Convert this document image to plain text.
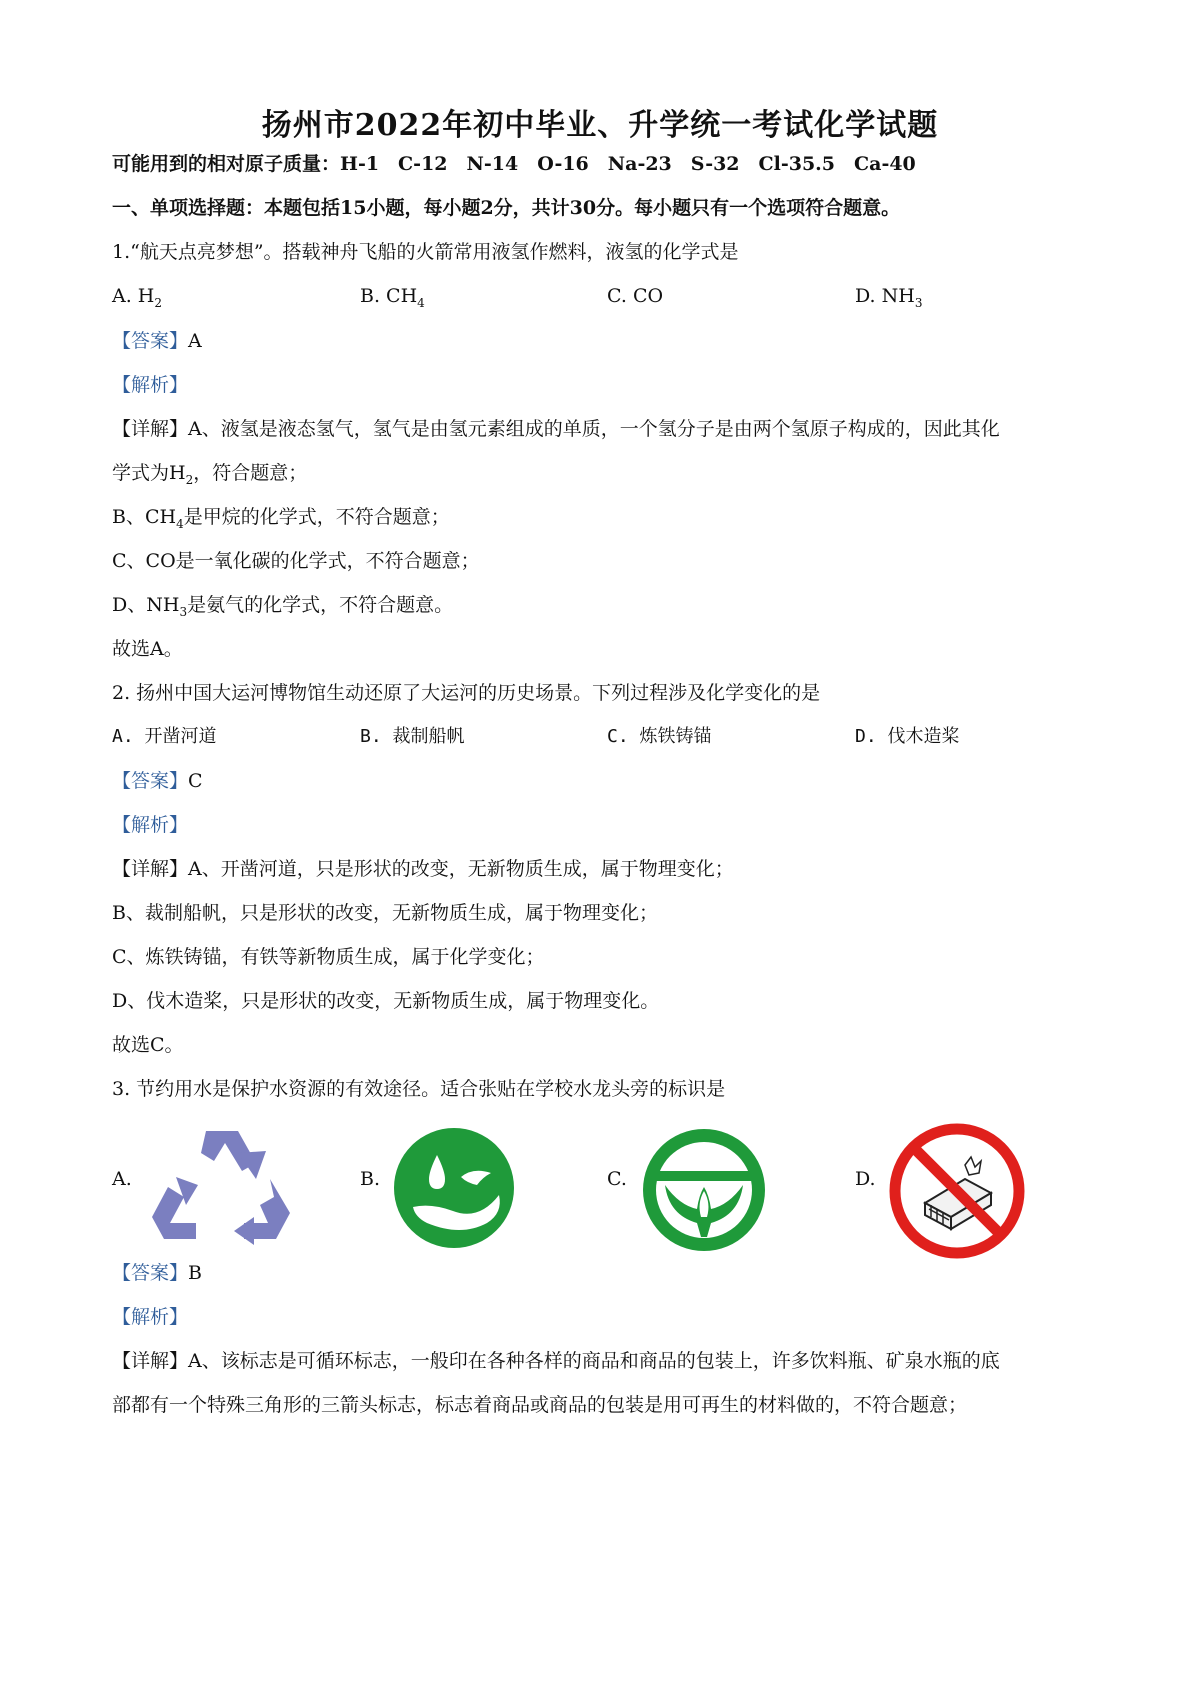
扬州市2022年初中毕业、升学统一考试化学试题
可能用到的相对原子质量：H-1　C-12　N-14　O-16　Na-23　S-32　Cl-35.5　Ca-40
一、单项选择题：本题包括15小题，每小题2分，共计30分。每小题只有一个选项符合题意。
1.“航天点亮梦想”。搭载神舟飞船的火箭常用液氢作燃料，液氢的化学式是
A. $H_2$	B. $CH_4$	C. CO	D. $NH_3$
【答案】A
【解析】
【详解】A、液氢是液态氢气，氢气是由氢元素组成的单质，一个氢分子是由两个氢原子构成的，因此其化
学式为$H_2$，符合题意；
B、$CH_4$是甲烷的化学式，不符合题意；
C、CO是一氧化碳的化学式，不符合题意；
D、$NH_3$是氨气的化学式，不符合题意。
故选A。
2. 扬州中国大运河博物馆生动还原了大运河的历史场景。下列过程涉及化学变化的是
A. 开凿河道	B. 裁制船帆	C. 炼铁铸锚	D. 伐木造桨
【答案】C
【解析】
【详解】A、开凿河道，只是形状的改变，无新物质生成，属于物理变化；
B、裁制船帆，只是形状的改变，无新物质生成，属于物理变化；
C、炼铁铸锚，有铁等新物质生成，属于化学变化；
D、伐木造桨，只是形状的改变，无新物质生成，属于物理变化。
故选C。
3. 节约用水是保护水资源的有效途径。适合张贴在学校水龙头旁的标识是
A.	B.	C.	D.
【答案】B
【解析】
【详解】A、该标志是可循环标志，一般印在各种各样的商品和商品的包装上，许多饮料瓶、矿泉水瓶的底
部都有一个特殊三角形的三箭头标志，标志着商品或商品的包装是用可再生的材料做的，不符合题意；
